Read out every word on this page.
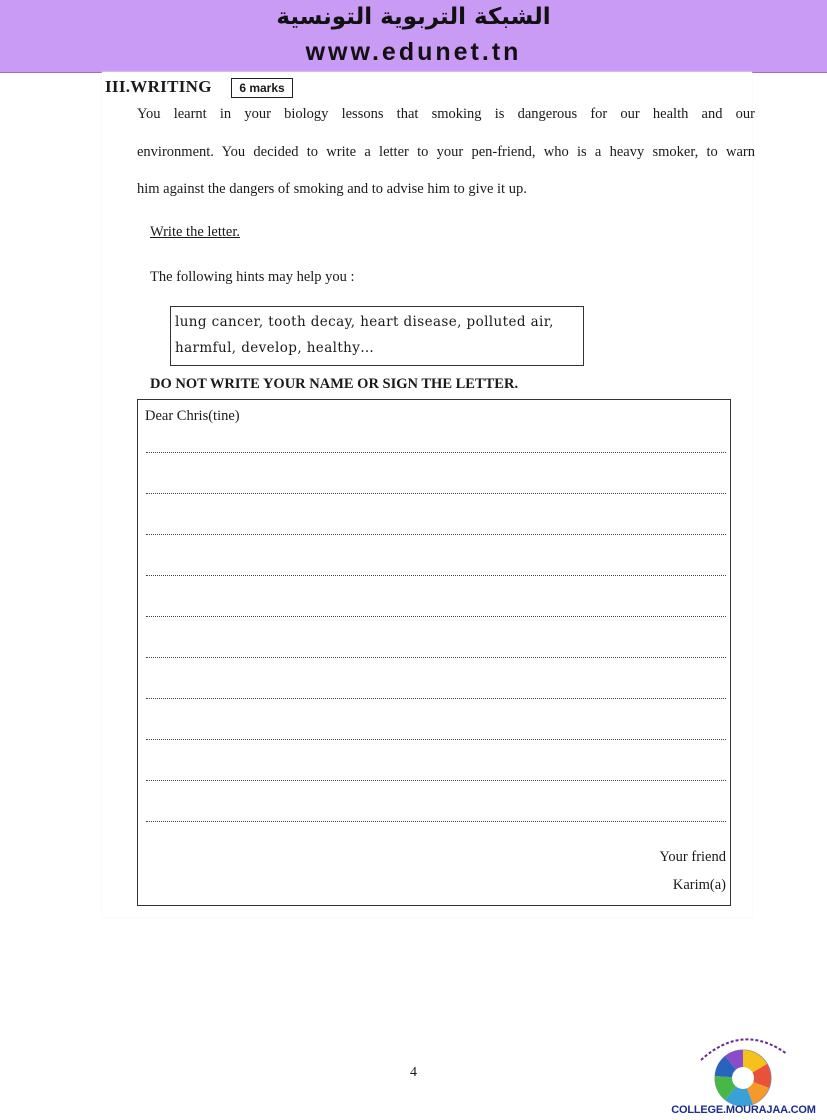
الشبكة التربوية التونسية
www.edunet.tn
III.WRITING	6 marks
You learnt in your biology lessons that smoking is dangerous for our health and our
environment. You decided to write a letter to your pen-friend, who is a heavy smoker, to warn
him against the dangers of smoking and to advise him to give it up.
Write the letter.
The following hints may help you :
lung cancer, tooth decay, heart disease, polluted air,
harmful, develop, healthy…
DO NOT WRITE YOUR NAME OR SIGN THE LETTER.
Dear Chris(tine)
Your friend
Karim(a)
4
COLLEGE.MOURAJAA.COM
